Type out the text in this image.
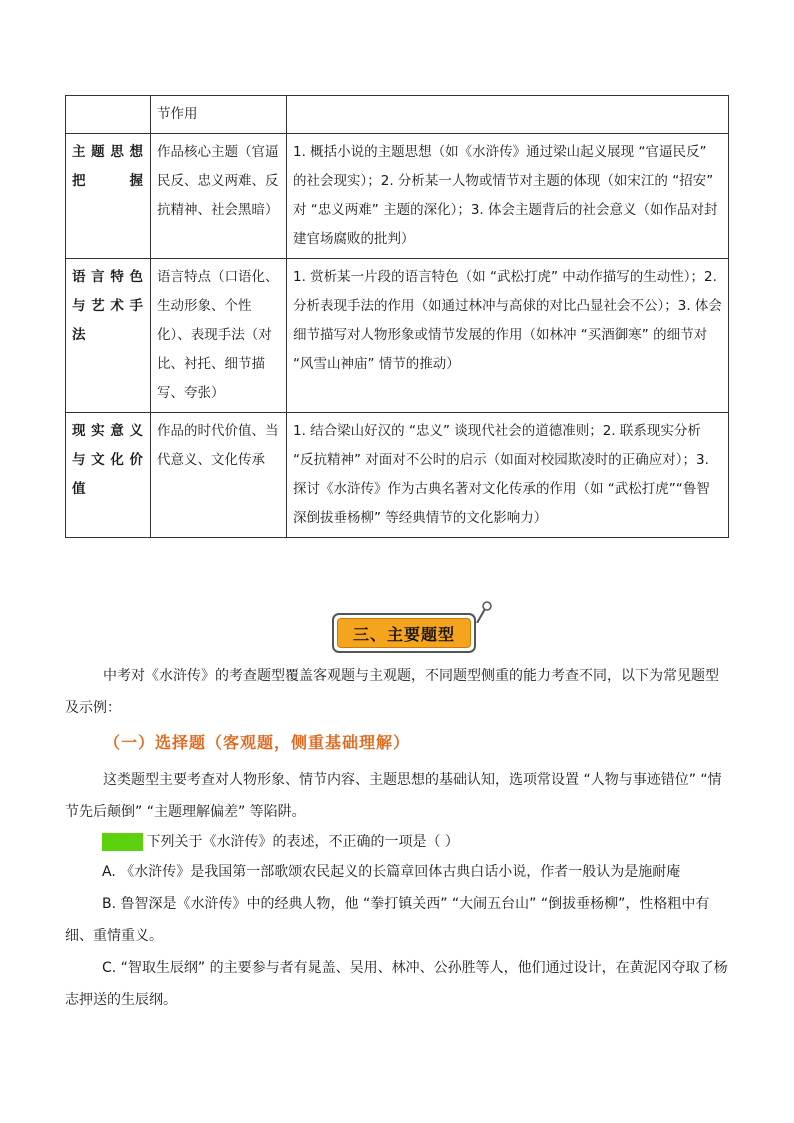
	节作用	
主题思想把握	作品核心主题（官逼民反、忠义两难、反抗精神、社会黑暗）	1. 概括小说的主题思想（如《水浒传》通过梁山起义展现 “官逼民反” 的社会现实）；2. 分析某一人物或情节对主题的体现（如宋江的 “招安” 对 “忠义两难” 主题的深化）；3. 体会主题背后的社会意义（如作品对封建官场腐败的批判）
语言特色与艺术手法	语言特点（口语化、生动形象、个性化）、表现手法（对比、衬托、细节描写、夸张）	1. 赏析某一片段的语言特色（如 “武松打虎” 中动作描写的生动性）；2. 分析表现手法的作用（如通过林冲与高俅的对比凸显社会不公）；3. 体会细节描写对人物形象或情节发展的作用（如林冲 “买酒御寒” 的细节对 “风雪山神庙” 情节的推动）
现实意义与文化价值	作品的时代价值、当代意义、文化传承	1. 结合梁山好汉的 “忠义” 谈现代社会的道德准则；2. 联系现实分析 “反抗精神” 对面对不公时的启示（如面对校园欺凌时的正确应对）；3. 探讨《水浒传》作为古典名著对文化传承的作用（如 “武松打虎”“鲁智深倒拔垂杨柳” 等经典情节的文化影响力）
三、主要题型
中考对《水浒传》的考查题型覆盖客观题与主观题，不同题型侧重的能力考查不同，以下为常见题型及示例：
（一）选择题（客观题，侧重基础理解）
这类题型主要考查对人物形象、情节内容、主题思想的基础认知，选项常设置 “人物与事迹错位” “情节先后颠倒” “主题理解偏差” 等陷阱。
示例 1 下列关于《水浒传》的表述，不正确的一项是（ ）
A. 《水浒传》是我国第一部歌颂农民起义的长篇章回体古典白话小说，作者一般认为是施耐庵
B. 鲁智深是《水浒传》中的经典人物，他 “拳打镇关西” “大闹五台山” “倒拔垂杨柳”，性格粗中有细、重情重义。
C. “智取生辰纲” 的主要参与者有晁盖、吴用、林冲、公孙胜等人，他们通过设计，在黄泥冈夺取了杨志押送的生辰纲。
